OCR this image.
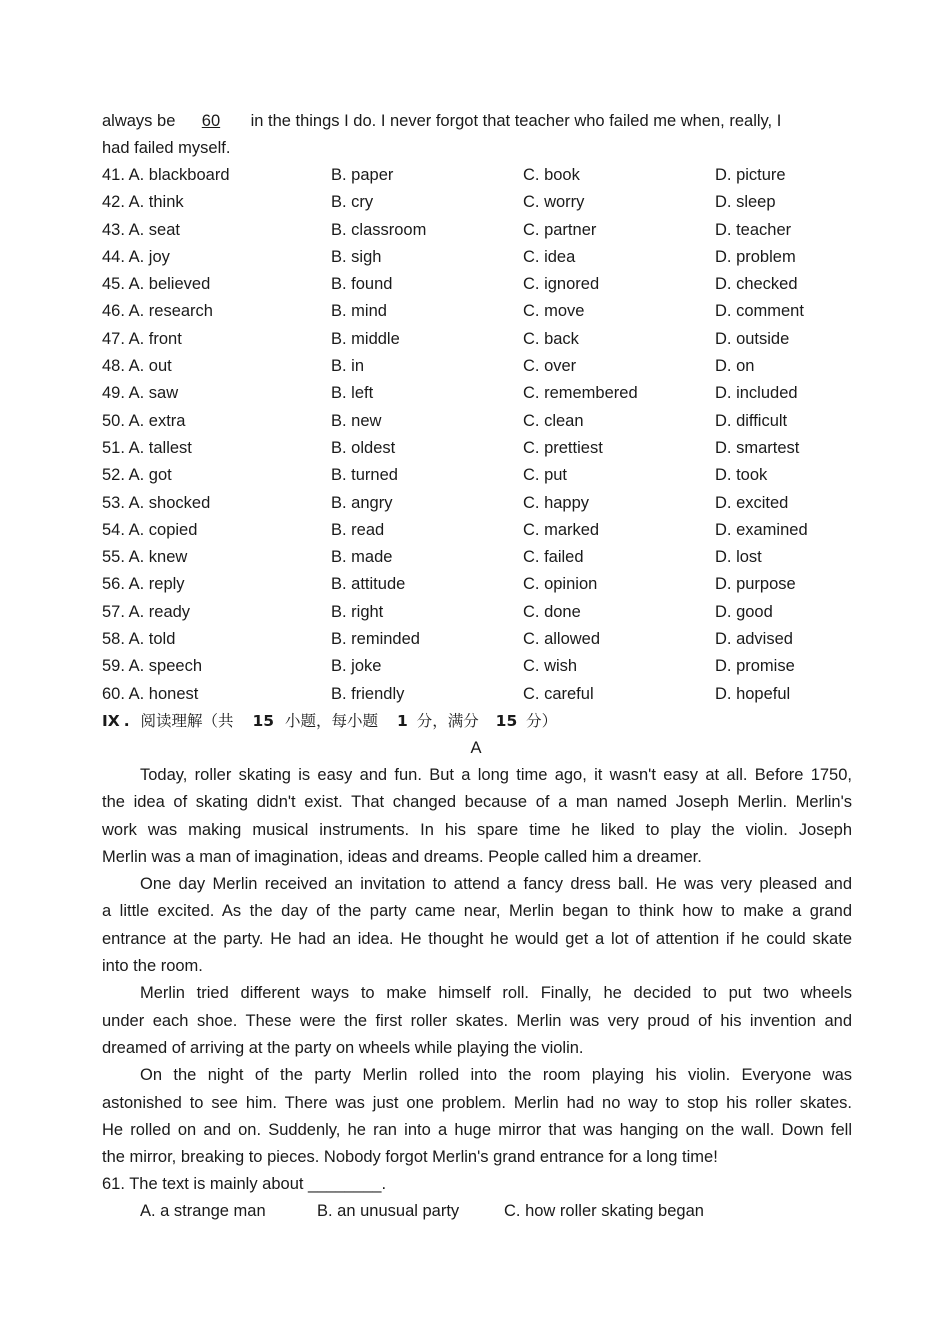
always be 60 in the things I do. I never forgot that teacher who failed me when, really, I
had failed myself.
41. A. blackboard	B. paper	C. book	D. picture
42. A. think	B. cry	C. worry	D. sleep
43. A. seat	B. classroom	C. partner	D. teacher
44. A. joy	B. sigh	C. idea	D. problem
45. A. believed	B. found	C. ignored	D. checked
46. A. research	B. mind	C. move	D. comment
47. A. front	B. middle	C. back	D. outside
48. A. out	B. in	C. over	D. on
49. A. saw	B. left	C. remembered	D. included
50. A. extra	B. new	C. clean	D. difficult
51. A. tallest	B. oldest	C. prettiest	D. smartest
52. A. got	B. turned	C. put	D. took
53. A. shocked	B. angry	C. happy	D. excited
54. A. copied	B. read	C. marked	D. examined
55. A. knew	B. made	C. failed	D. lost
56. A. reply	B. attitude	C. opinion	D. purpose
57. A. ready	B. right	C. done	D. good
58. A. told	B. reminded	C. allowed	D. advised
59. A. speech	B. joke	C. wish	D. promise
60. A. honest	B. friendly	C. careful	D. hopeful
IX . 阅读理解（共 15 小题，每小题 1 分，满分 15 分）
A
Today, roller skating is easy and fun. But a long time ago, it wasn't easy at all. Before 1750,
the idea of skating didn't exist. That changed because of a man named Joseph Merlin. Merlin's
work was making musical instruments. In his spare time he liked to play the violin. Joseph
Merlin was a man of imagination, ideas and dreams. People called him a dreamer.
One day Merlin received an invitation to attend a fancy dress ball. He was very pleased and
a little excited. As the day of the party came near, Merlin began to think how to make a grand
entrance at the party. He had an idea. He thought he would get a lot of attention if he could skate
into the room.
Merlin tried different ways to make himself roll. Finally, he decided to put two wheels
under each shoe. These were the first roller skates. Merlin was very proud of his invention and
dreamed of arriving at the party on wheels while playing the violin.
On the night of the party Merlin rolled into the room playing his violin. Everyone was
astonished to see him. There was just one problem. Merlin had no way to stop his roller skates.
He rolled on and on. Suddenly, he ran into a huge mirror that was hanging on the wall. Down fell
the mirror, breaking to pieces. Nobody forgot Merlin's grand entrance for a long time!
61. The text is mainly about ________.
A. a strange man	B. an unusual party	C. how roller skating began
